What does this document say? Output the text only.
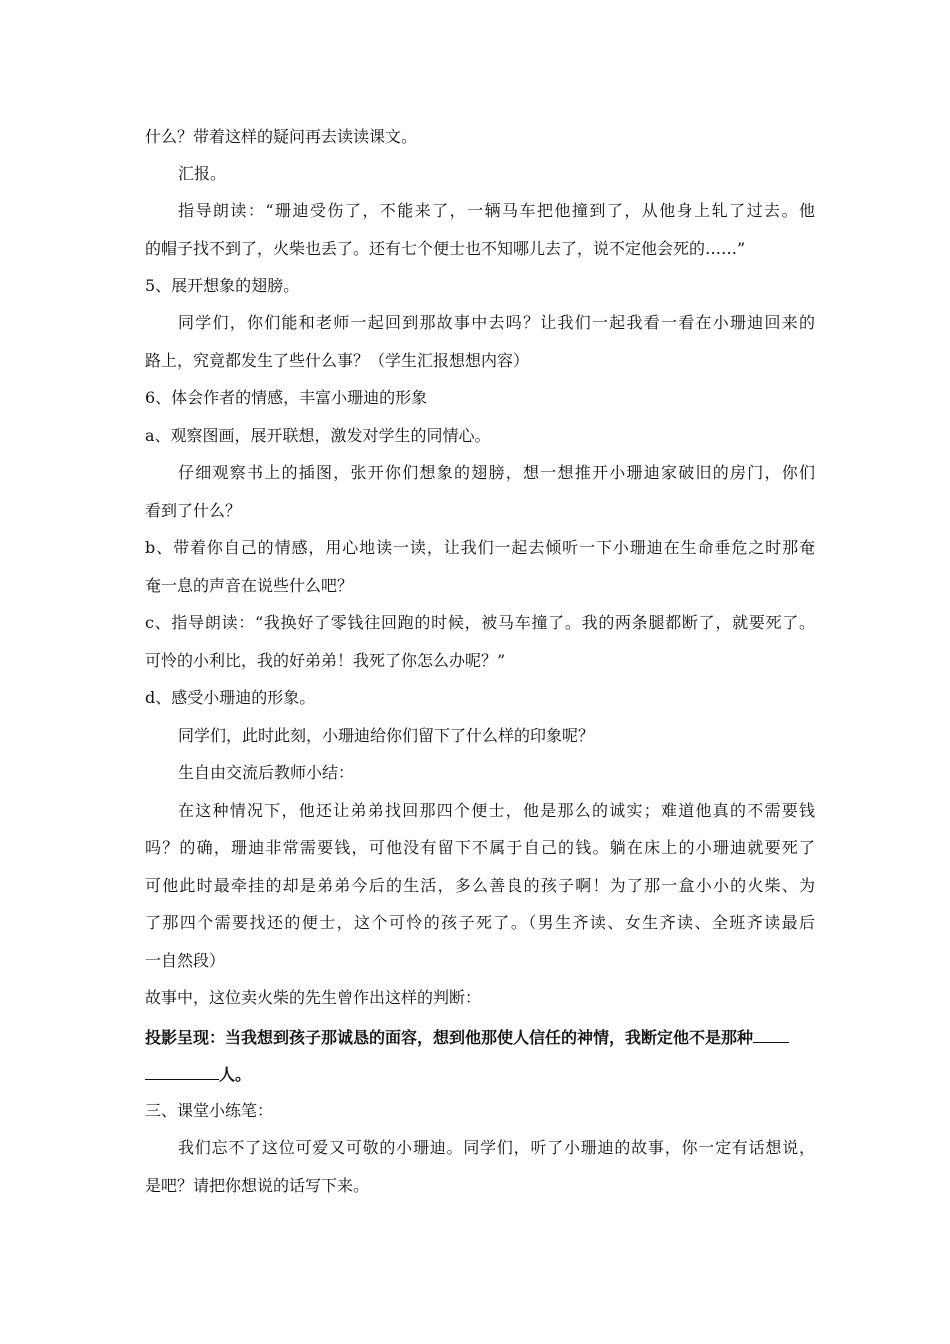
什么？带着这样的疑问再去读读课文。
汇报。
指导朗读：“珊迪受伤了，不能来了，一辆马车把他撞到了，从他身上轧了过去。他
的帽子找不到了，火柴也丢了。还有七个便士也不知哪儿去了，说不定他会死的……”
5、展开想象的翅膀。
同学们，你们能和老师一起回到那故事中去吗？让我们一起我看一看在小珊迪回来的
路上，究竟都发生了些什么事？（学生汇报想想内容）
6、体会作者的情感，丰富小珊迪的形象
a、观察图画，展开联想，激发对学生的同情心。
仔细观察书上的插图，张开你们想象的翅膀，想一想推开小珊迪家破旧的房门，你们
看到了什么？
b、带着你自己的情感，用心地读一读，让我们一起去倾听一下小珊迪在生命垂危之时那奄
奄一息的声音在说些什么吧？
c、指导朗读：“我换好了零钱往回跑的时候，被马车撞了。我的两条腿都断了，就要死了。
可怜的小利比，我的好弟弟！我死了你怎么办呢？”
d、感受小珊迪的形象。
同学们，此时此刻，小珊迪给你们留下了什么样的印象呢？
生自由交流后教师小结：
在这种情况下，他还让弟弟找回那四个便士，他是那么的诚实；难道他真的不需要钱
吗？的确，珊迪非常需要钱，可他没有留下不属于自己的钱。躺在床上的小珊迪就要死了
可他此时最牵挂的却是弟弟今后的生活，多么善良的孩子啊！为了那一盒小小的火柴、为
了那四个需要找还的便士，这个可怜的孩子死了。（男生齐读、女生齐读、全班齐读最后
一自然段）
故事中，这位卖火柴的先生曾作出这样的判断：
投影呈现：当我想到孩子那诚恳的面容，想到他那使人信任的神情，我断定他不是那种
人。
三、课堂小练笔：
我们忘不了这位可爱又可敬的小珊迪。同学们，听了小珊迪的故事，你一定有话想说，
是吧？请把你想说的话写下来。
